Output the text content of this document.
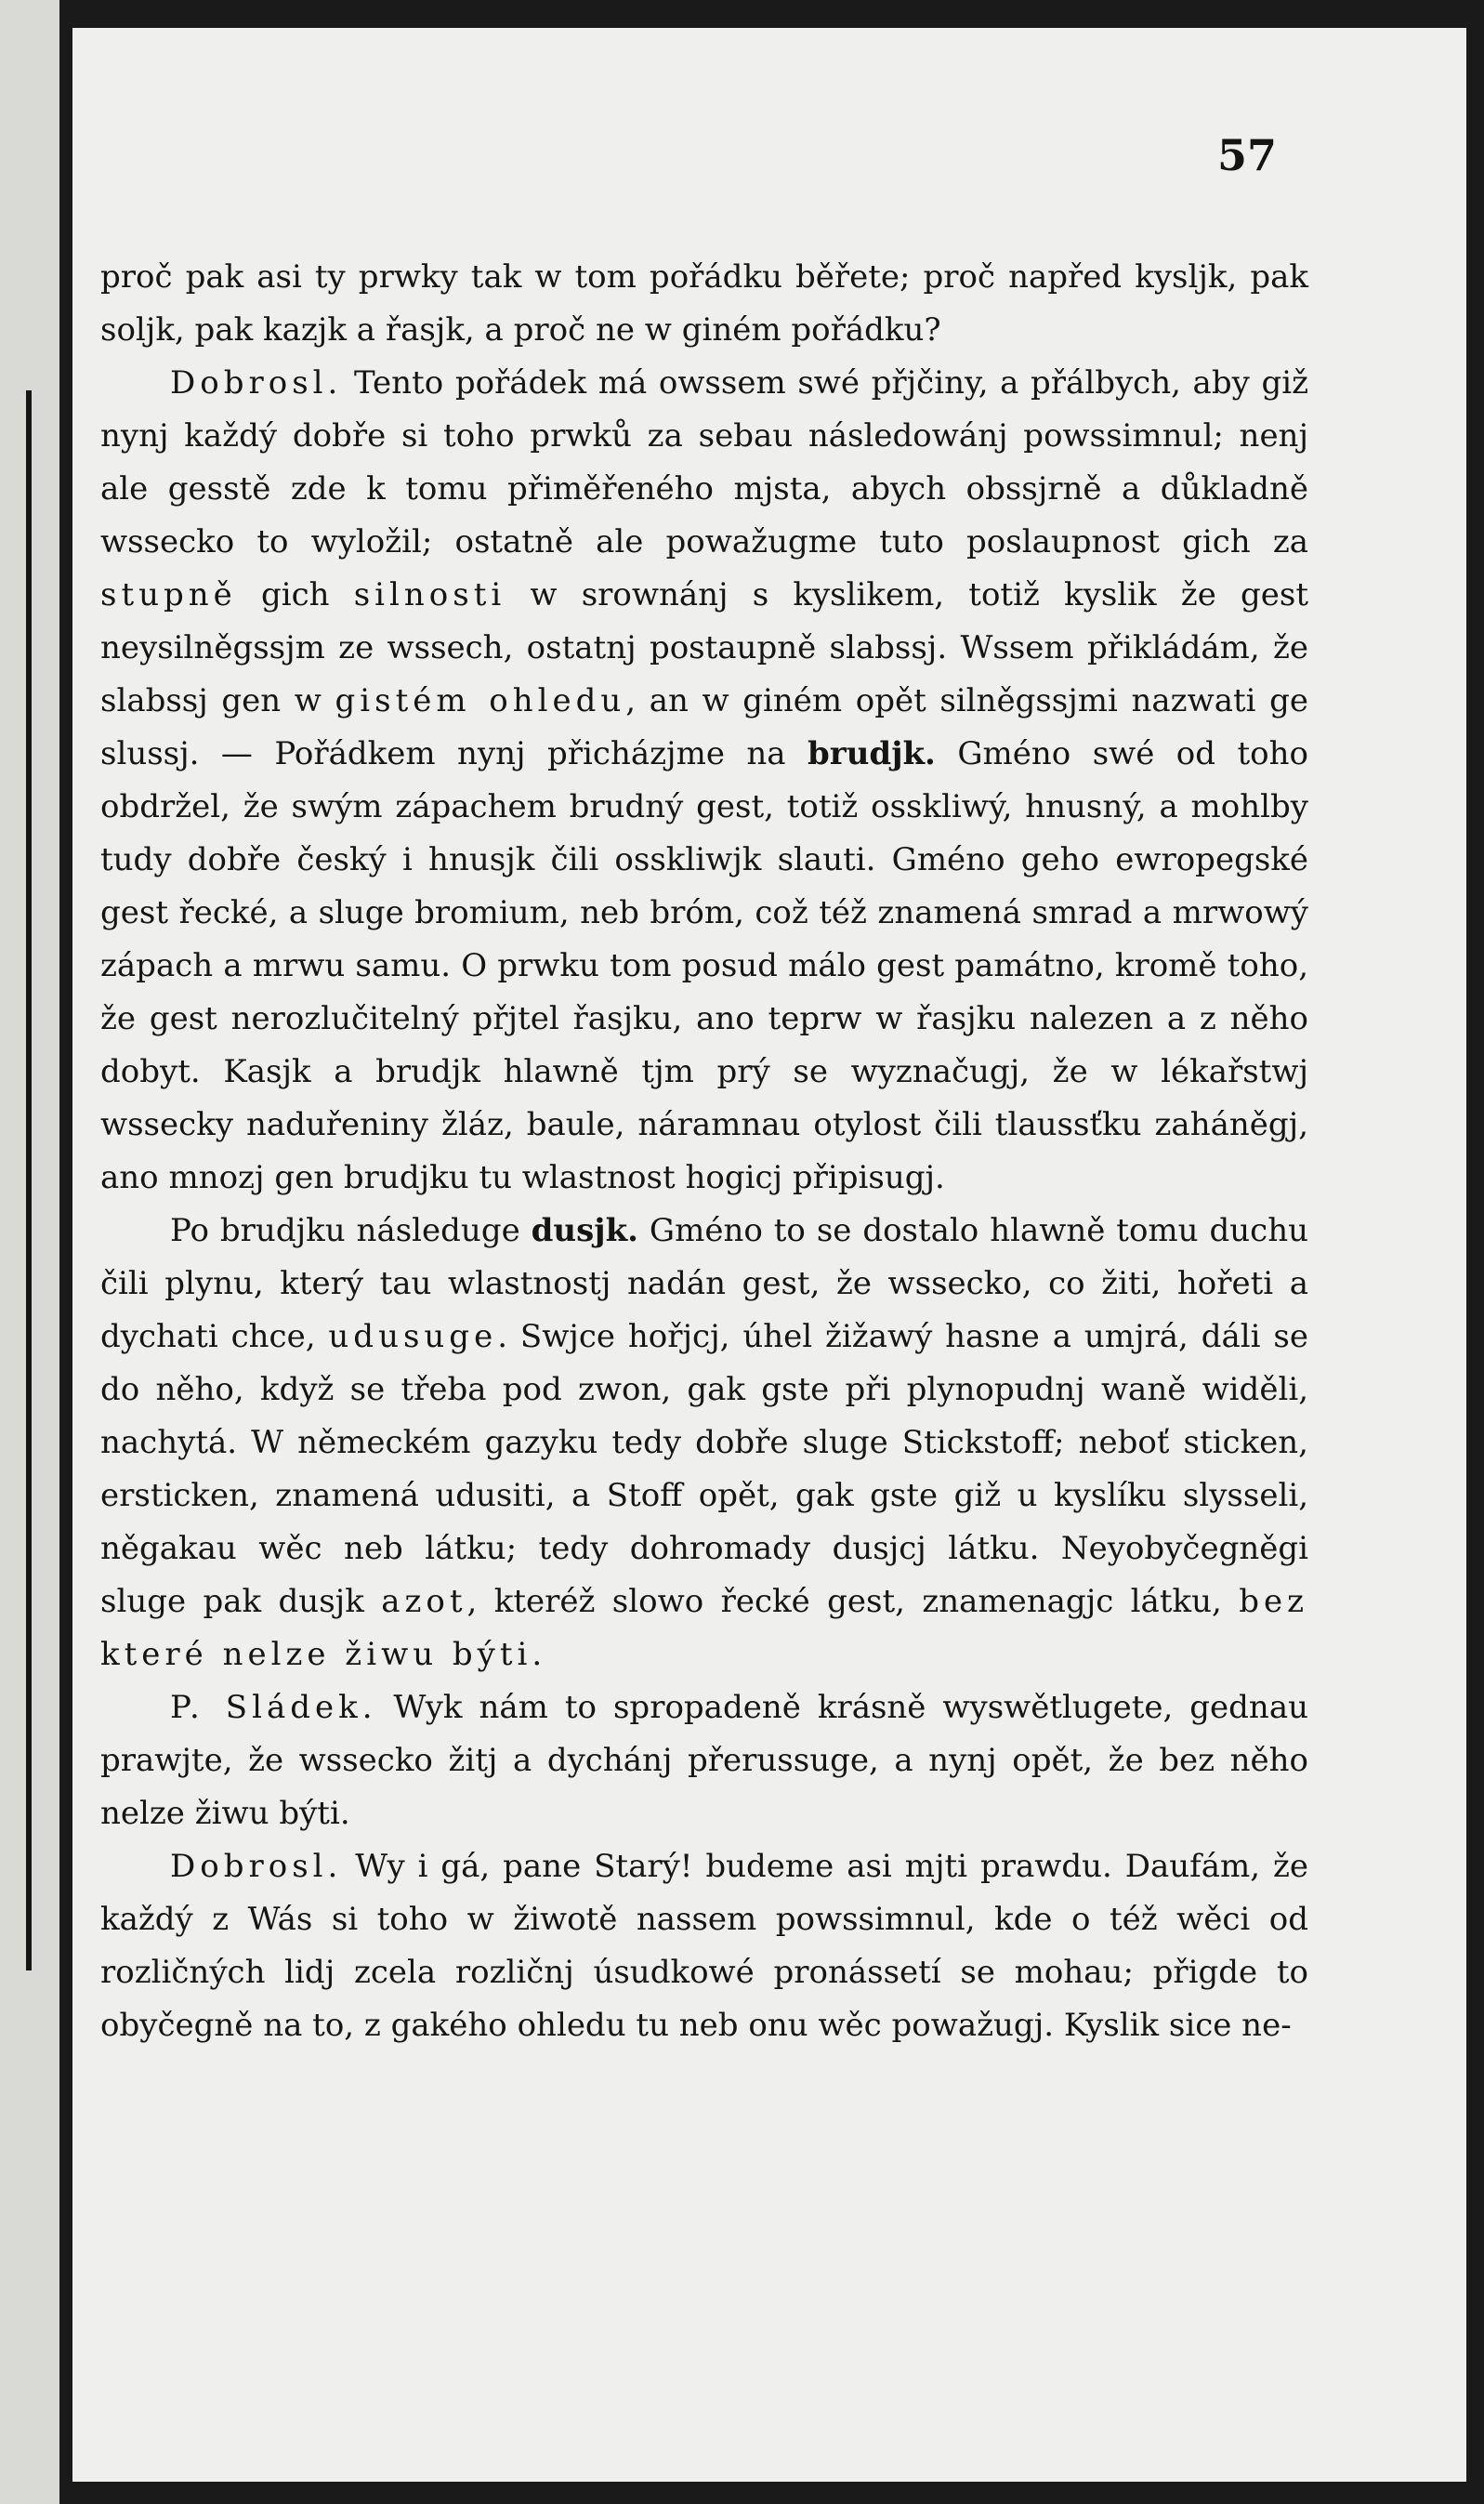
57

proč pak asi ty prwky tak w tom pořádku běřete; proč napřed kysljk, pak soljk, pak kazjk a řasjk, a proč ne w giném pořádku?

Dobrosl. Tento pořádek má owssem swé přjčiny, a přálbych, aby giž nynj každý dobře si toho prwků za sebau následowánj powssimnul; nenj ale gesstě zde k tomu přiměřeného mjsta, abych obssjrně a důkladně wssecko to wyložil; ostatně ale powažugme tuto poslaupnost gich za stupně gich silnosti w srownánj s kyslikem, totiž kyslik že gest neysilněgssjm ze wssech, ostatnj postaupně slabssj. Wssem přikládám, že slabssj gen w gistém ohledu, an w giném opět silněgssjmi nazwati ge slussj. — Pořádkem nynj přicházjme na brudjk. Gméno swé od toho obdržel, že swým zápachem brudný gest, totiž osskliwý, hnusný, a mohlby tudy dobře český i hnusjk čili osskliwjk slauti. Gméno geho ewropegské gest řecké, a sluge bromium, neb bróm, což též znamená smrad a mrwowý zápach a mrwu samu. O prwku tom posud málo gest památno, kromě toho, že gest nerozlučitelný přjtel řasjku, ano teprw w řasjku nalezen a z něho dobyt. Kasjk a brudjk hlawně tjm prý se wyznačugj, že w lékařstwj wssecky naduřeniny žláz, baule, náramnau otylost čili tlaussťku zaháněgj, ano mnozj gen brudjku tu wlastnost hogicj připisugj.

Po brudjku následuge dusjk. Gméno to se dostalo hlawně tomu duchu čili plynu, který tau wlastnostj nadán gest, že wssecko, co žiti, hořeti a dychati chce, udusuge. Swjce hořjcj, úhel žižawý hasne a umjrá, dáli se do něho, když se třeba pod zwon, gak gste při plynopudnj waně widěli, nachytá. W německém gazyku tedy dobře sluge Stickstoff; neboť sticken, ersticken, znamená udusiti, a Stoff opět, gak gste giž u kyslíku slysseli, něgakau wěc neb látku; tedy dohromady dusjcj látku. Neyobyčegněgi sluge pak dusjk azot, kteréž slowo řecké gest, znamenagjc látku, bez které nelze žiwu býti.

P. Sládek. Wyk nám to spropadeně krásně wyswětlugete, gednau prawjte, že wssecko žitj a dychánj přerussuge, a nynj opět, že bez něho nelze žiwu býti.

Dobrosl. Wy i gá, pane Starý! budeme asi mjti prawdu. Daufám, že každý z Wás si toho w žiwotě nassem powssimnul, kde o též wěci od rozličných lidj zcela rozličnj úsudkowé pronássetí se mohau; přigde to obyčegně na to, z gakého ohledu tu neb onu wěc powažugj. Kyslik sice ne-
